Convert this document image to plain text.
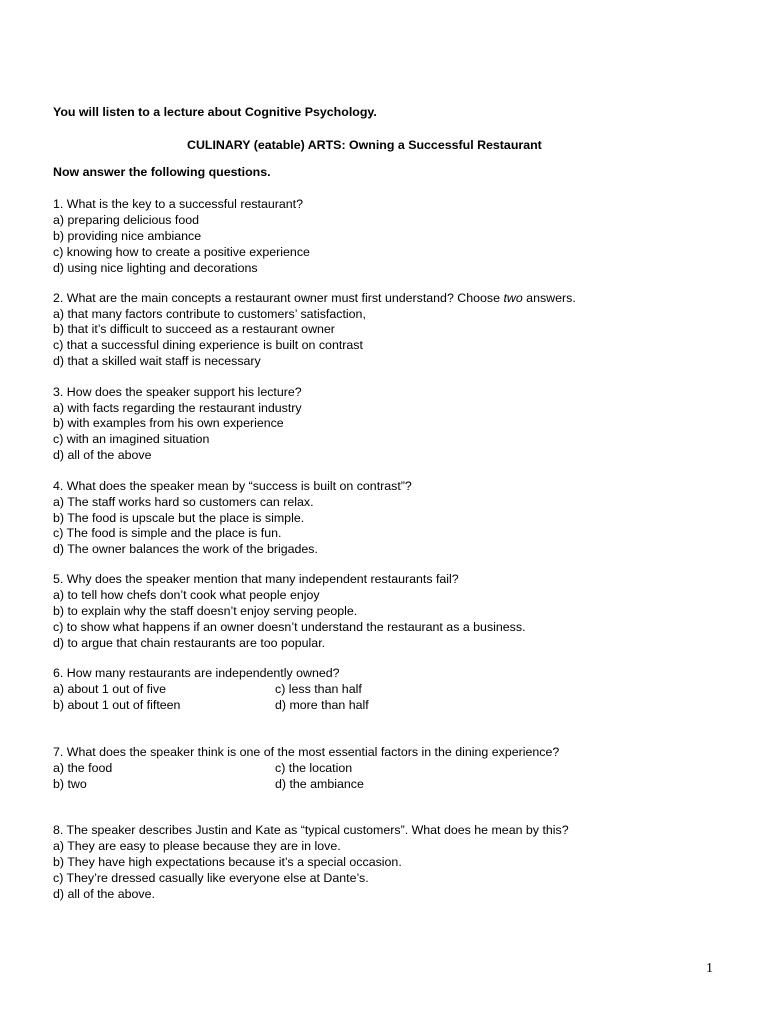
You will listen to a lecture about Cognitive Psychology.
CULINARY (eatable) ARTS: Owning a Successful Restaurant
Now answer the following questions.
1. What is the key to a successful restaurant?
a) preparing delicious food
b) providing nice ambiance
c) knowing how to create a positive experience
d) using nice lighting and decorations
2. What are the main concepts a restaurant owner must first understand? Choose two answers.
a) that many factors contribute to customers’ satisfaction,
b) that it’s difficult to succeed as a restaurant owner
c) that a successful dining experience is built on contrast
d) that a skilled wait staff is necessary
3. How does the speaker support his lecture?
a) with facts regarding the restaurant industry
b) with examples from his own experience
c) with an imagined situation
d) all of the above
4. What does the speaker mean by “success is built on contrast”?
a) The staff works hard so customers can relax.
b) The food is upscale but the place is simple.
c) The food is simple and the place is fun.
d) The owner balances the work of the brigades.
5. Why does the speaker mention that many independent restaurants fail?
a) to tell how chefs don’t cook what people enjoy
b) to explain why the staff doesn’t enjoy serving people.
c) to show what happens if an owner doesn’t understand the restaurant as a business.
d) to argue that chain restaurants are too popular.
6. How many restaurants are independently owned?
a) about 1 out of five	c) less than half
b) about 1 out of fifteen	d) more than half
7. What does the speaker think is one of the most essential factors in the dining experience?
a) the food	c) the location
b) two	d) the ambiance
8. The speaker describes Justin and Kate as “typical customers”. What does he mean by this?
a) They are easy to please because they are in love.
b) They have high expectations because it’s a special occasion.
c) They’re dressed casually like everyone else at Dante’s.
d) all of the above.
1
